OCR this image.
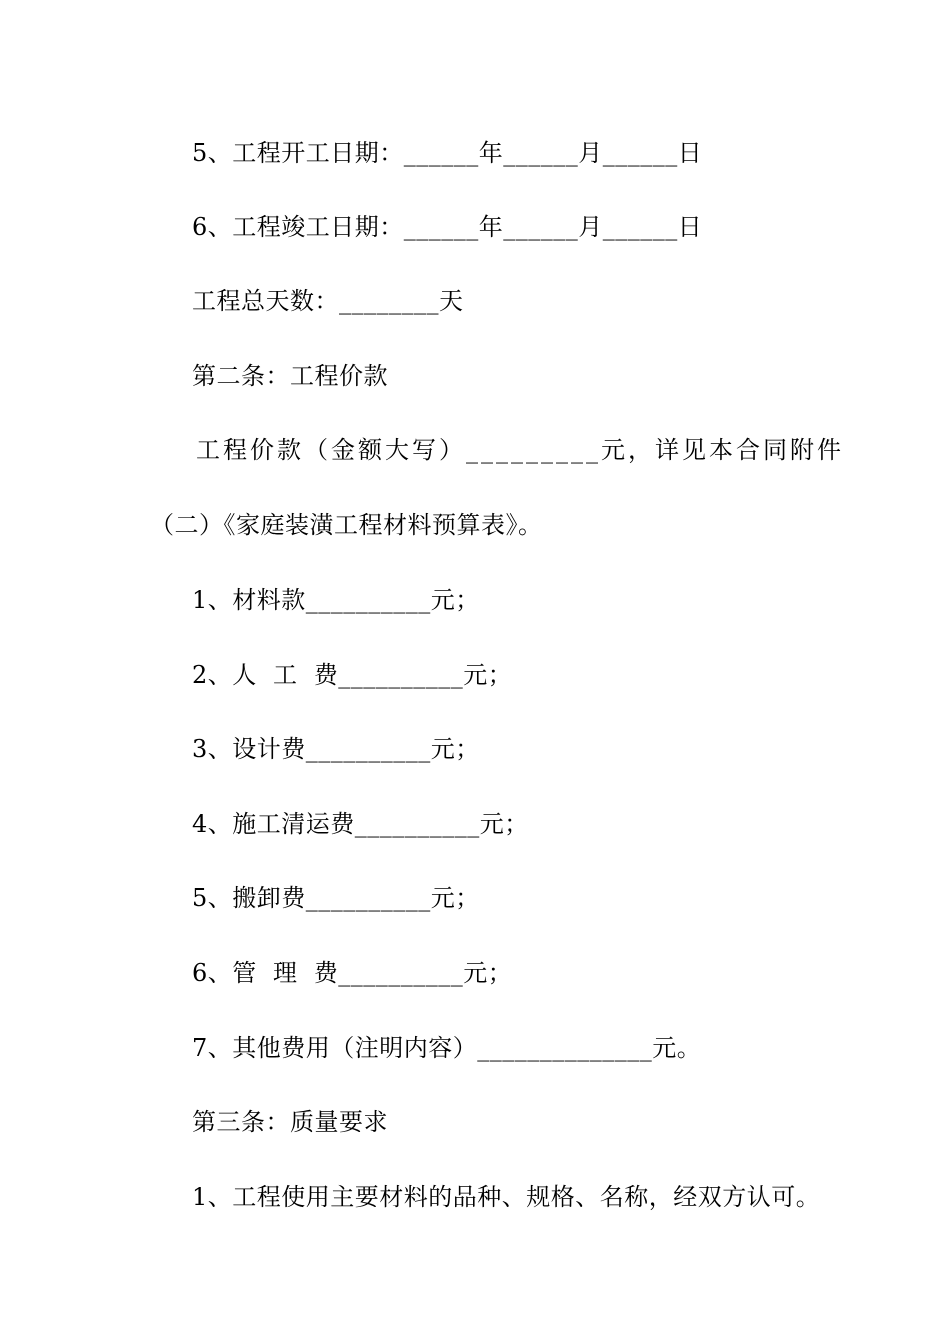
5、工程开工日期：______年______月______日
6、工程竣工日期：______年______月______日
工程总天数：________天
第二条：工程价款
工程价款（金额大写）_________元，详见本合同附件
（二）《家庭装潢工程材料预算表》。
1、材料款__________元；
2、人  工  费__________元；
3、设计费__________元；
4、施工清运费__________元；
5、搬卸费__________元；
6、管  理  费__________元；
7、其他费用（注明内容）______________元。
第三条：质量要求
1、工程使用主要材料的品种、规格、名称，经双方认可。
